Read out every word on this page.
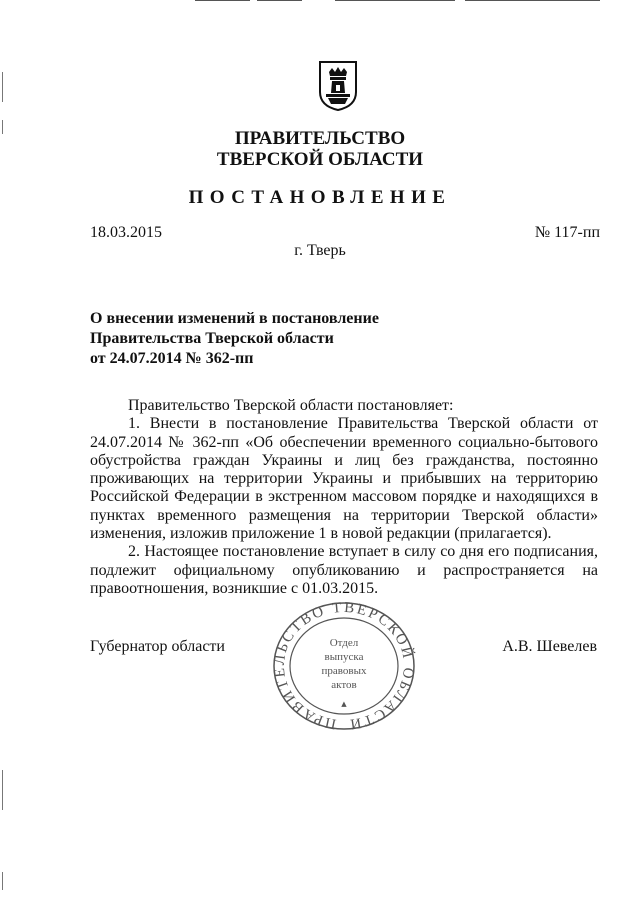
ПРАВИТЕЛЬСТВО
ТВЕРСКОЙ ОБЛАСТИ
ПОСТАНОВЛЕНИЕ
18.03.2015	№ 117-пп
г. Тверь
О внесении изменений в постановление
Правительства Тверской области
от 24.07.2014 № 362-пп

Правительство Тверской области постановляет:

1. Внести в постановление Правительства Тверской области от 24.07.2014 № 362-пп «Об обеспечении временного социально-бытового обустройства граждан Украины и лиц без гражданства, постоянно проживающих на территории Украины и прибывших на территорию Российской Федерации в экстренном массовом порядке и находящихся в пунктах временного размещения на территории Тверской области» изменения, изложив приложение 1 в новой редакции (прилагается).

2. Настоящее постановление вступает в силу со дня его подписания, подлежит официальному опубликованию и распространяется на правоотношения, возникшие с 01.03.2015.

Губернатор области	А.В. Шевелев
ПРАВИТЕЛЬСТВО ТВЕРСКОЙ ОБЛАСТИ
Отдел
выпуска
правовых
актов
▲
